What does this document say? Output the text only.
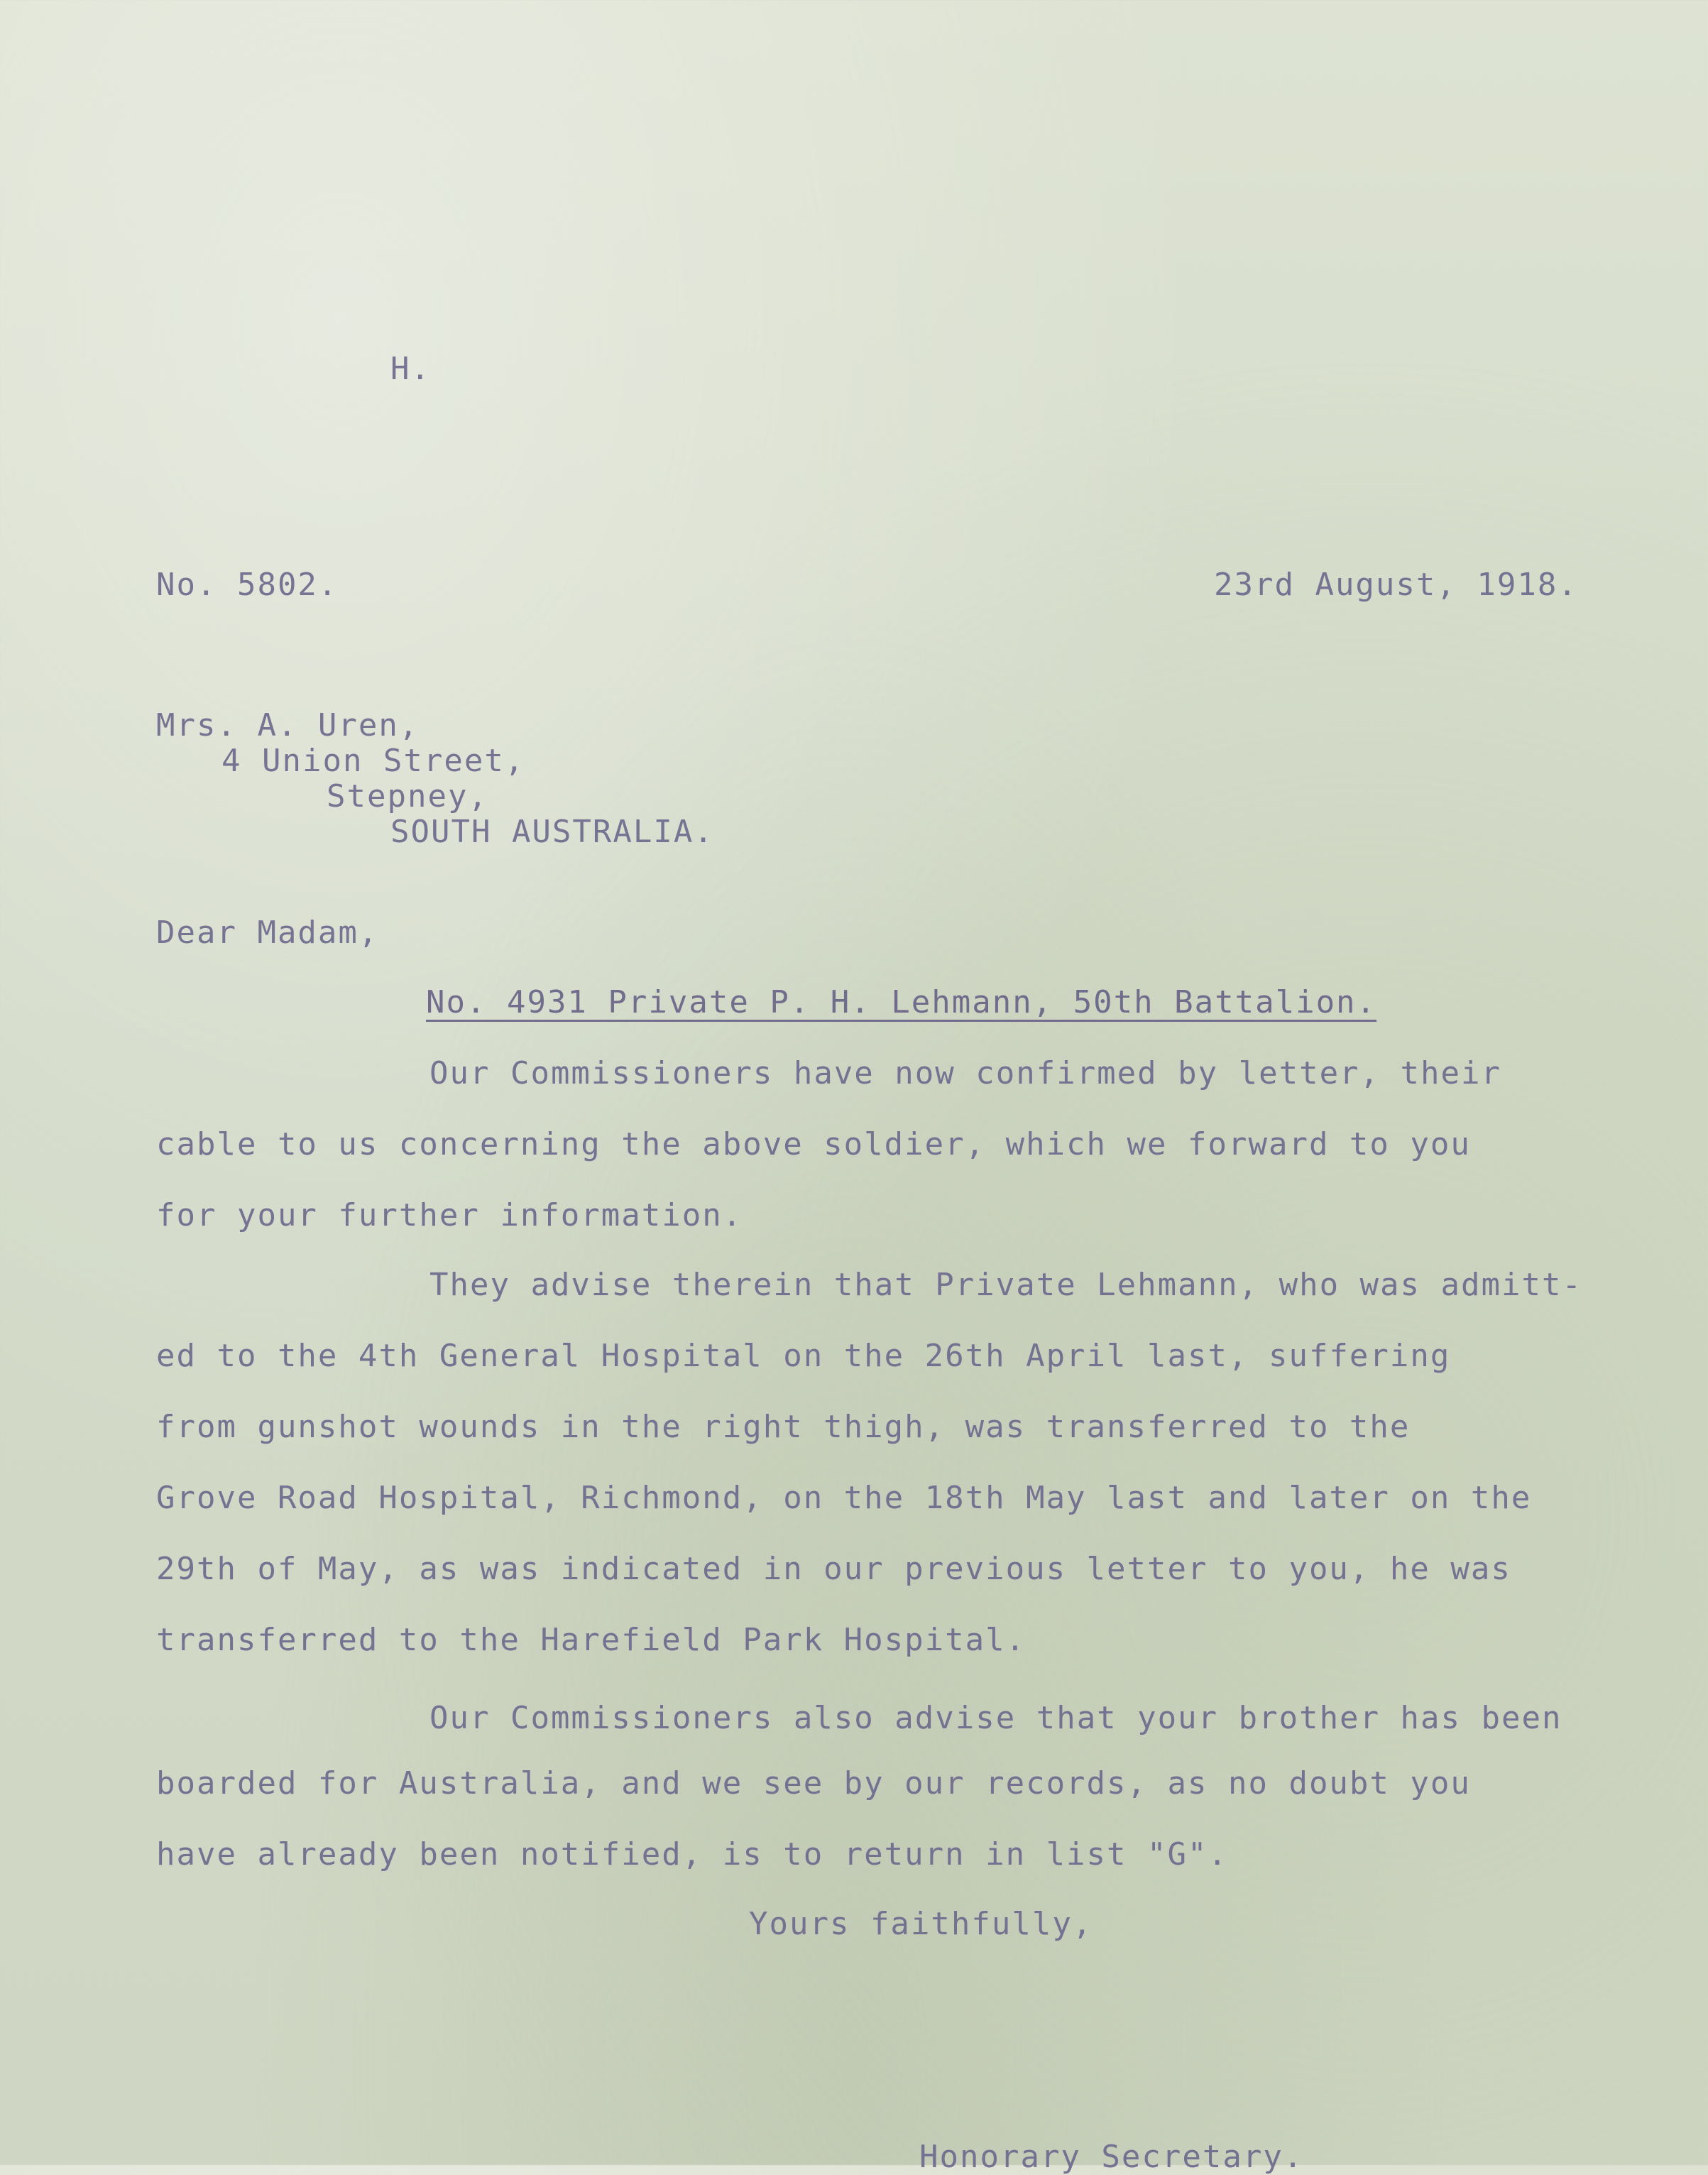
H.
No. 5802.	23rd August, 1918.
Mrs. A. Uren,
4 Union Street,
Stepney,
SOUTH AUSTRALIA.
Dear Madam,
No. 4931 Private P. H. Lehmann, 50th Battalion.
Our Commissioners have now confirmed by letter, their
cable to us concerning the above soldier, which we forward to you
for your further information.
They advise therein that Private Lehmann, who was admitt-
ed to the 4th General Hospital on the 26th April last, suffering
from gunshot wounds in the right thigh, was transferred to the
Grove Road Hospital, Richmond, on the 18th May last and later on the
29th of May, as was indicated in our previous letter to you, he was
transferred to the Harefield Park Hospital.
Our Commissioners also advise that your brother has been
boarded for Australia, and we see by our records, as no doubt you
have already been notified, is to return in list "G".
Yours faithfully,
Honorary Secretary.
